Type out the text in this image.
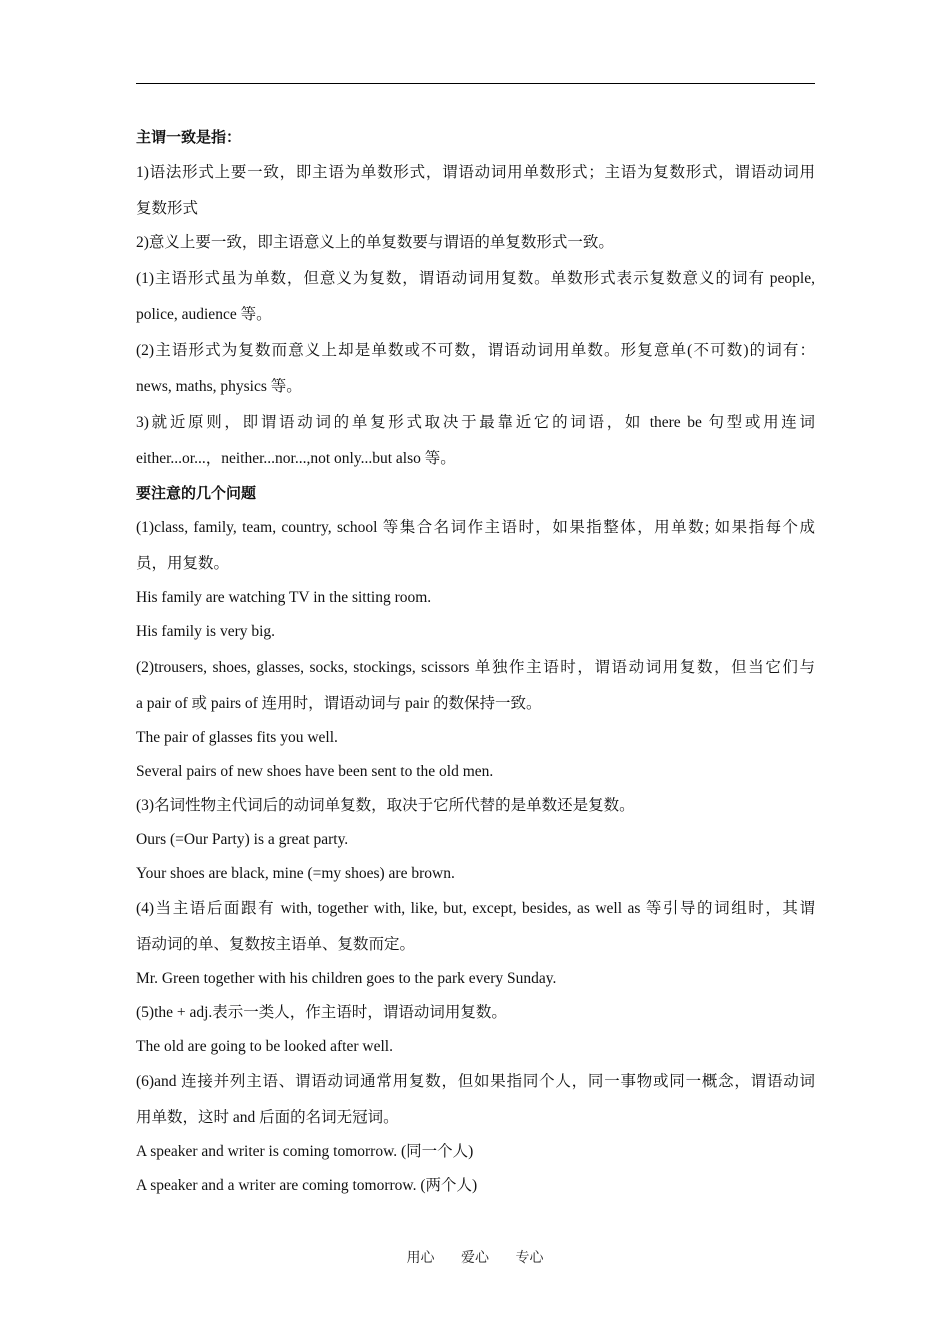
主谓一致是指：
1)语法形式上要一致，即主语为单数形式，谓语动词用单数形式；主语为复数形式，谓语动词用
复数形式
2)意义上要一致，即主语意义上的单复数要与谓语的单复数形式一致。
(1)主语形式虽为单数，但意义为复数，谓语动词用复数。单数形式表示复数意义的词有 people,
police, audience 等。
(2)主语形式为复数而意义上却是单数或不可数，谓语动词用单数。形复意单(不可数)的词有：
news, maths, physics 等。
3)就近原则，即谓语动词的单复形式取决于最靠近它的词语，如 there be 句型或用连词
either...or...，neither...nor...,not only...but also 等。
要注意的几个问题
(1)class, family, team, country, school 等集合名词作主语时，如果指整体，用单数; 如果指每个成
员，用复数。
His family are watching TV in the sitting room.
His family is very big.
(2)trousers, shoes, glasses, socks, stockings, scissors 单独作主语时，谓语动词用复数，但当它们与
a pair of 或 pairs of 连用时，谓语动词与 pair 的数保持一致。
The pair of glasses fits you well.
Several pairs of new shoes have been sent to the old men.
(3)名词性物主代词后的动词单复数，取决于它所代替的是单数还是复数。
Ours (=Our Party) is a great party.
Your shoes are black, mine (=my shoes) are brown.
(4)当主语后面跟有 with, together with, like, but, except, besides, as well as 等引导的词组时，其谓
语动词的单、复数按主语单、复数而定。
Mr. Green together with his children goes to the park every Sunday.
(5)the + adj.表示一类人，作主语时，谓语动词用复数。
The old are going to be looked after well.
(6)and 连接并列主语、谓语动词通常用复数，但如果指同个人，同一事物或同一概念，谓语动词
用单数，这时 and 后面的名词无冠词。
A speaker and writer is coming tomorrow. (同一个人)
A speaker and a writer are coming tomorrow. (两个人)
用心 爱心 专心
